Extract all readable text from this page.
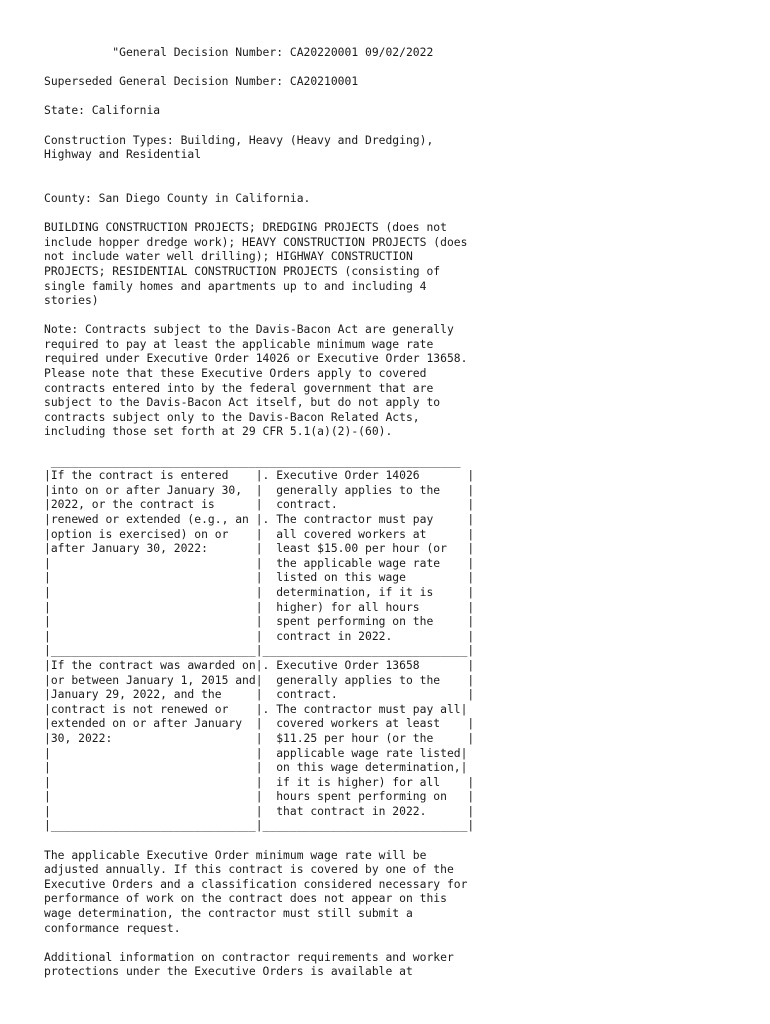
"General Decision Number: CA20220001 09/02/2022
Superseded General Decision Number: CA20210001
State: California
Construction Types: Building, Heavy (Heavy and Dredging),
Highway and Residential
County: San Diego County in California.
BUILDING CONSTRUCTION PROJECTS; DREDGING PROJECTS (does not
include hopper dredge work); HEAVY CONSTRUCTION PROJECTS (does
not include water well drilling); HIGHWAY CONSTRUCTION
PROJECTS; RESIDENTIAL CONSTRUCTION PROJECTS (consisting of
single family homes and apartments up to and including 4
stories)
Note: Contracts subject to the Davis-Bacon Act are generally
required to pay at least the applicable minimum wage rate
required under Executive Order 14026 or Executive Order 13658.
Please note that these Executive Orders apply to covered
contracts entered into by the federal government that are
subject to the Davis-Bacon Act itself, but do not apply to
contracts subject only to the Davis-Bacon Related Acts,
including those set forth at 29 CFR 5.1(a)(2)-(60).
____________________________________________________________
|If the contract is entered    |. Executive Order 14026       |
|into on or after January 30,  |  generally applies to the    |
|2022, or the contract is      |  contract.                   |
|renewed or extended (e.g., an |. The contractor must pay     |
|option is exercised) on or    |  all covered workers at      |
|after January 30, 2022:       |  least $15.00 per hour (or   |
|                              |  the applicable wage rate    |
|                              |  listed on this wage         |
|                              |  determination, if it is     |
|                              |  higher) for all hours       |
|                              |  spent performing on the     |
|                              |  contract in 2022.           |
|______________________________|______________________________|
|If the contract was awarded on|. Executive Order 13658       |
|or between January 1, 2015 and|  generally applies to the    |
|January 29, 2022, and the     |  contract.                   |
|contract is not renewed or    |. The contractor must pay all|
|extended on or after January  |  covered workers at least    |
|30, 2022:                     |  $11.25 per hour (or the     |
|                              |  applicable wage rate listed|
|                              |  on this wage determination,|
|                              |  if it is higher) for all    |
|                              |  hours spent performing on   |
|                              |  that contract in 2022.      |
|______________________________|______________________________|
The applicable Executive Order minimum wage rate will be
adjusted annually. If this contract is covered by one of the
Executive Orders and a classification considered necessary for
performance of work on the contract does not appear on this
wage determination, the contractor must still submit a
conformance request.
Additional information on contractor requirements and worker
protections under the Executive Orders is available at
